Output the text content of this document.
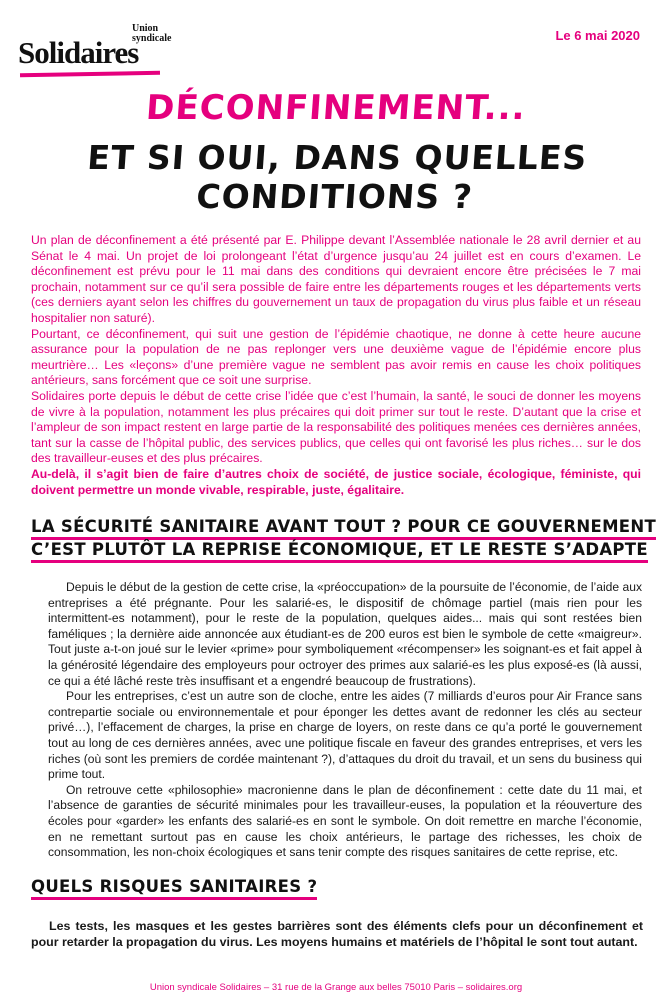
Union
syndicale
Solidaires	Le 6 mai 2020
DÉCONFINEMENT...
ET SI OUI, DANS QUELLES CONDITIONS ?

Un plan de déconfinement a été présenté par E. Philippe devant l’Assemblée nationale le 28 avril dernier et au Sénat le 4 mai. Un projet de loi prolongeant l’état d’urgence jusqu’au 24 juillet est en cours d’examen. Le déconfinement est prévu pour le 11 mai dans des conditions qui devraient encore être précisées le 7 mai prochain, notamment sur ce qu’il sera possible de faire entre les départements rouges et les départements verts (ces derniers ayant selon les chiffres du gouvernement un taux de propagation du virus plus faible et un réseau hospitalier non saturé).

Pourtant, ce déconfinement, qui suit une gestion de l’épidémie chaotique, ne donne à cette heure aucune assurance pour la population de ne pas replonger vers une deuxième vague de l’épidémie encore plus meurtrière… Les «leçons» d’une première vague ne semblent pas avoir remis en cause les choix politiques antérieurs, sans forcément que ce soit une surprise.

Solidaires porte depuis le début de cette crise l’idée que c’est l’humain, la santé, le souci de donner les moyens de vivre à la population, notamment les plus précaires qui doit primer sur tout le reste. D’autant que la crise et l’ampleur de son impact restent en large partie de la responsabilité des politiques menées ces dernières années, tant sur la casse de l’hôpital public, des services publics, que celles qui ont favorisé les plus riches… sur le dos des travailleur-euses et des plus précaires.

Au-delà, il s’agit bien de faire d’autres choix de société, de justice sociale, écologique, féministe, qui doivent permettre un monde vivable, respirable, juste, égalitaire.

LA SÉCURITÉ SANITAIRE AVANT TOUT ? POUR CE GOUVERNEMENT
C’EST PLUTÔT LA REPRISE ÉCONOMIQUE, ET LE RESTE S’ADAPTE

Depuis le début de la gestion de cette crise, la «préoccupation» de la poursuite de l’économie, de l’aide aux entreprises a été prégnante. Pour les salarié-es, le dispositif de chômage partiel (mais rien pour les intermittent-es notamment), pour le reste de la population, quelques aides... mais qui sont restées bien faméliques ; la dernière aide annoncée aux étudiant-es de 200 euros est bien le symbole de cette «maigreur». Tout juste a-t-on joué sur le levier «prime» pour symboliquement «récompenser» les soignant-es et fait appel à la générosité légendaire des employeurs pour octroyer des primes aux salarié-es les plus exposé-es (là aussi, ce qui a été lâché reste très insuffisant et a engendré beaucoup de frustrations).

Pour les entreprises, c’est un autre son de cloche, entre les aides (7 milliards d’euros pour Air France sans contrepartie sociale ou environnementale et pour éponger les dettes avant de redonner les clés au secteur privé…), l’effacement de charges, la prise en charge de loyers, on reste dans ce qu’a porté le gouvernement tout au long de ces dernières années, avec une politique fiscale en faveur des grandes entreprises, et vers les riches (où sont les premiers de cordée maintenant ?), d’attaques du droit du travail, et un sens du business qui prime tout.

On retrouve cette «philosophie» macronienne dans le plan de déconfinement : cette date du 11 mai, et l’absence de garanties de sécurité minimales pour les travailleur-euses, la population et la réouverture des écoles pour «garder» les enfants des salarié-es en sont le symbole. On doit remettre en marche l’économie, en ne remettant surtout pas en cause les choix antérieurs, le partage des richesses, les choix de consommation, les non-choix écologiques et sans tenir compte des risques sanitaires de cette reprise, etc.

QUELS RISQUES SANITAIRES ?
Les tests, les masques et les gestes barrières sont des éléments clefs pour un déconfinement et pour retarder la propagation du virus. Les moyens humains et matériels de l’hôpital le sont tout autant.
Union syndicale Solidaires – 31 rue de la Grange aux belles 75010 Paris – solidaires.org
